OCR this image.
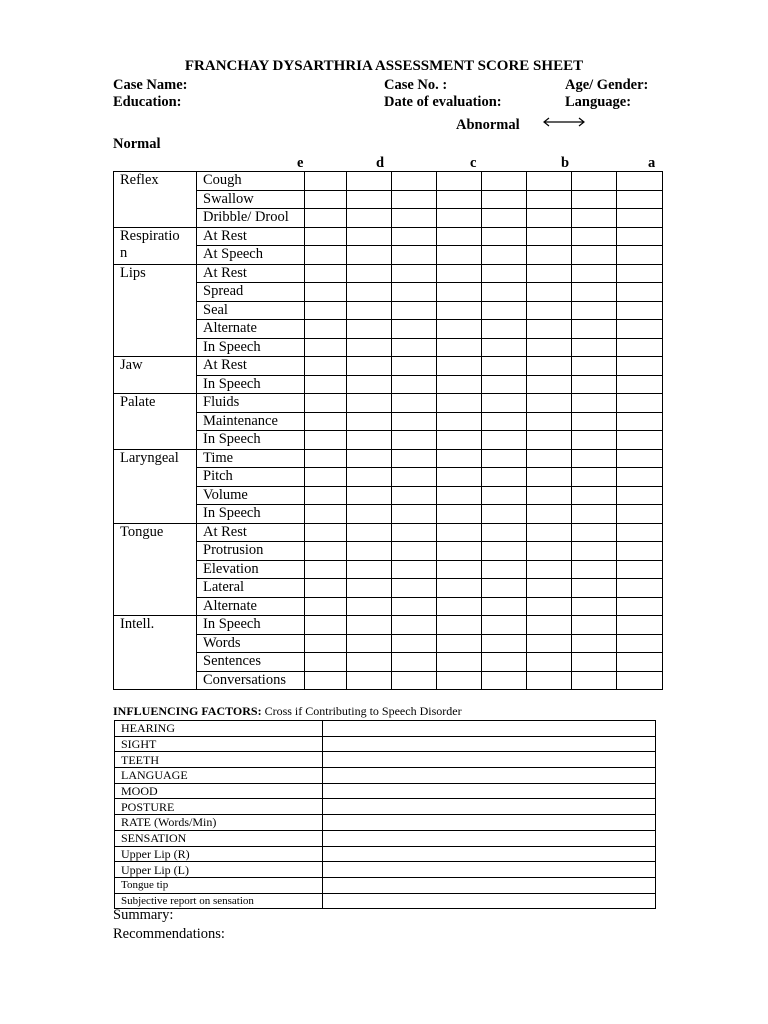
FRANCHAY DYSARTHRIA ASSESSMENT SCORE SHEET
Case Name:	Case No. :	Age/ Gender:
Education:	Date of evaluation:	Language:
Abnormal
Normal
e	d	c	b	a
Reflex	Cough								
	Swallow								
	Dribble/ Drool								

Respiratio
n	At Rest								
	At Speech								

Lips	At Rest								
	Spread								
	Seal								
	Alternate								
	In Speech								

Jaw	At Rest								
	In Speech								

Palate	Fluids								
	Maintenance								
	In Speech								

Laryngeal	Time								
	Pitch								
	Volume								
	In Speech								

Tongue	At Rest								
	Protrusion								
	Elevation								
	Lateral								
	Alternate								

Intell.	In Speech								
	Words								
	Sentences								
	Conversations								
INFLUENCING FACTORS: Cross if Contributing to Speech Disorder
HEARING	
SIGHT	
TEETH	
LANGUAGE	
MOOD	
POSTURE	
RATE (Words/Min)	
SENSATION	
Upper Lip (R)	
Upper Lip (L)	
Tongue tip	
Subjective report on sensation	
Summary:
Recommendations:
